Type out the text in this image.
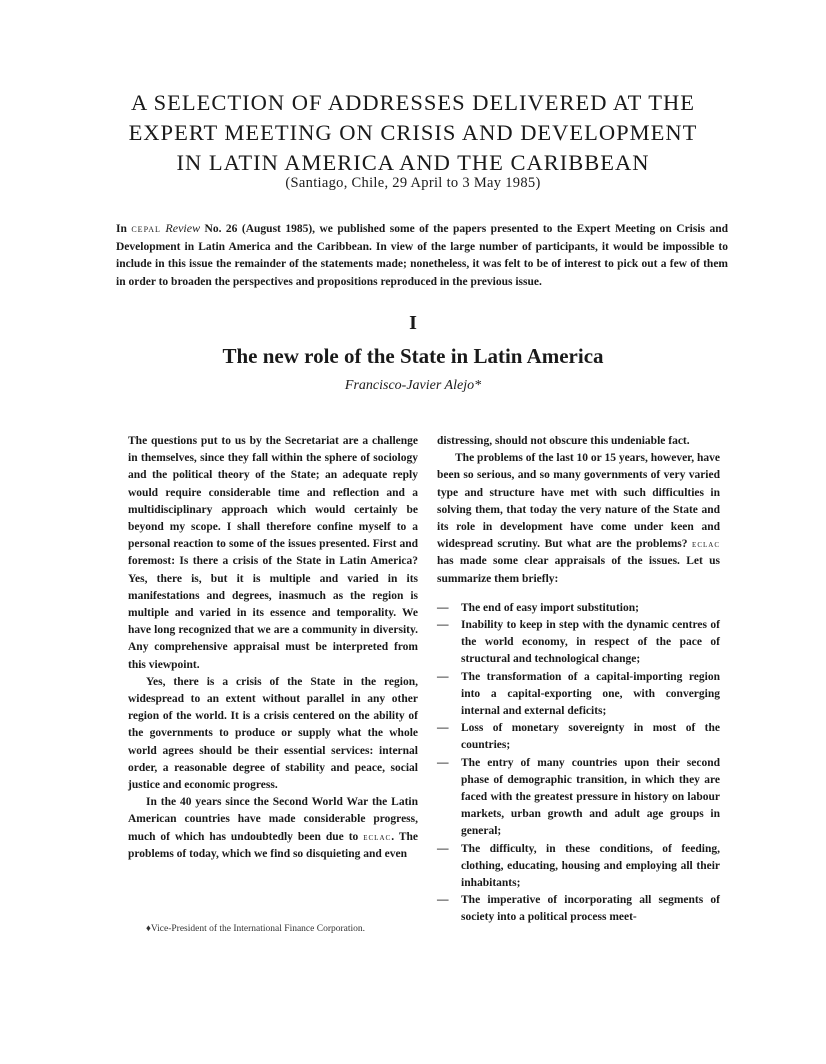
A SELECTION OF ADDRESSES DELIVERED AT THE
EXPERT MEETING ON CRISIS AND DEVELOPMENT
IN LATIN AMERICA AND THE CARIBBEAN
(Santiago, Chile, 29 April to 3 May 1985)

In cepal Review No. 26 (August 1985), we published some of the papers presented to the Expert Meeting on Crisis and Development in Latin America and the Caribbean. In view of the large number of participants, it would be impossible to include in this issue the remainder of the statements made; nonetheless, it was felt to be of interest to pick out a few of them in order to broaden the perspectives and propositions reproduced in the previous issue.

I
The new role of the State in Latin America
Francisco-Javier Alejo*

The questions put to us by the Secretariat are a challenge in themselves, since they fall within the sphere of sociology and the political theory of the State; an adequate reply would require considerable time and reflection and a multidisciplinary approach which would certainly be beyond my scope. I shall therefore confine myself to a personal reaction to some of the issues presented. First and foremost: Is there a crisis of the State in Latin America? Yes, there is, but it is multiple and varied in its manifestations and degrees, inasmuch as the region is multiple and varied in its essence and temporality. We have long recognized that we are a community in diversity. Any comprehensive appraisal must be interpreted from this viewpoint.

Yes, there is a crisis of the State in the region, widespread to an extent without parallel in any other region of the world. It is a crisis centered on the ability of the governments to produce or supply what the whole world agrees should be their essential services: internal order, a reasonable degree of stability and peace, social justice and economic progress.

In the 40 years since the Second World War the Latin American countries have made considerable progress, much of which has undoubtedly been due to eclac. The problems of today, which we find so disquieting and even

distressing, should not obscure this undeniable fact.

The problems of the last 10 or 15 years, however, have been so serious, and so many governments of very varied type and structure have met with such difficulties in solving them, that today the very nature of the State and its role in development have come under keen and widespread scrutiny. But what are the problems? eclac has made some clear appraisals of the issues. Let us summarize them briefly:

— The end of easy import substitution;
— Inability to keep in step with the dynamic centres of the world economy, in respect of the pace of structural and technological change;
— The transformation of a capital-importing region into a capital-exporting one, with converging internal and external deficits;
— Loss of monetary sovereignty in most of the countries;
— The entry of many countries upon their second phase of demographic transition, in which they are faced with the greatest pressure in history on labour markets, urban growth and adult age groups in general;
— The difficulty, in these conditions, of feeding, clothing, educating, housing and employing all their inhabitants;
— The imperative of incorporating all segments of society into a political process meet-

♦Vice-President of the International Finance Corporation.
